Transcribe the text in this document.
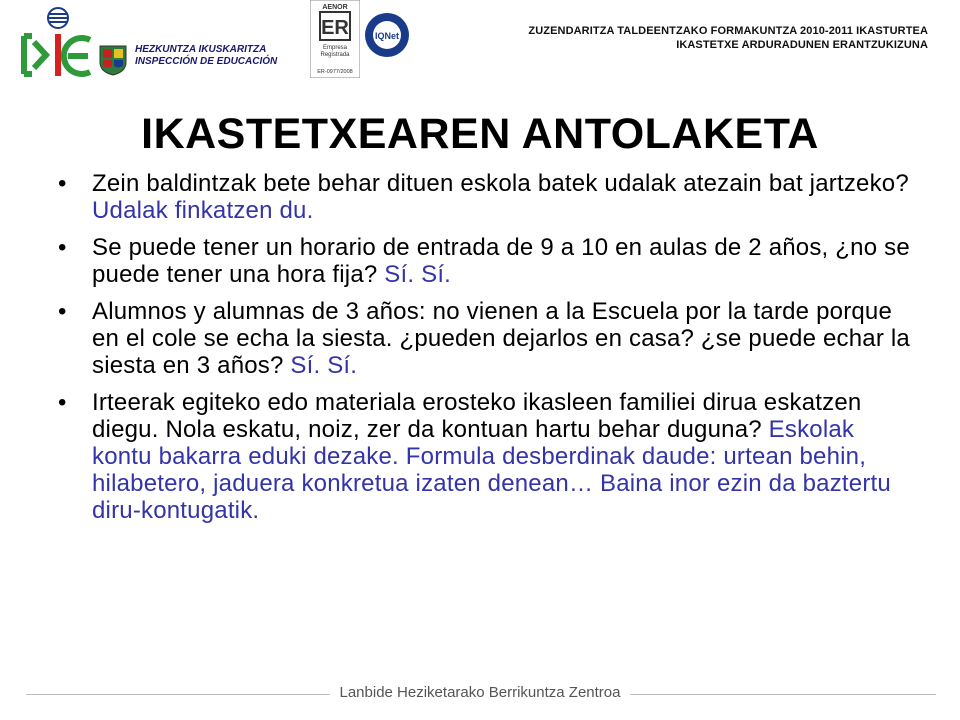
HEZKUNTZA IKUSKARITZA
INSPECCIÓN DE EDUCACIÓN
AENOR
ER
Empresa
Registrada
ER-0977/2008
IQNet	ZUZENDARITZA TALDEENTZAKO FORMAKUNTZA 2010-2011 IKASTURTEA
IKASTETXE ARDURADUNEN ERANTZUKIZUNA
IKASTETXEAREN ANTOLAKETA
• Zein baldintzak bete behar dituen eskola batek udalak atezain bat jartzeko? Udalak finkatzen du.
• Se puede tener un horario de entrada de 9 a 10 en aulas de 2 años, ¿no se puede tener una hora fija? Sí. Sí.
• Alumnos y alumnas de 3 años: no vienen a la Escuela por la tarde porque en el cole se echa la siesta. ¿pueden dejarlos en casa? ¿se puede echar la siesta en 3 años? Sí. Sí.
• Irteerak egiteko edo materiala erosteko ikasleen familiei dirua eskatzen diegu. Nola eskatu, noiz, zer da kontuan hartu behar duguna? Eskolak kontu bakarra eduki dezake. Formula desberdinak daude: urtean behin, hilabetero, jaduera konkretua izaten denean… Baina inor ezin da baztertu diru-kontugatik.
Lanbide Heziketarako Berrikuntza Zentroa
